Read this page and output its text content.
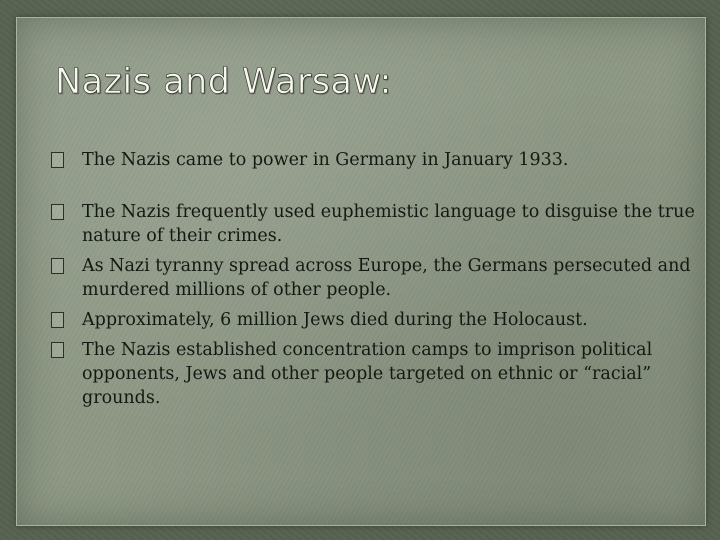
Nazis and Warsaw:
The Nazis came to power in Germany in January 1933.
The Nazis frequently used euphemistic language to disguise the true nature of their crimes.
As Nazi tyranny spread across Europe, the Germans persecuted and murdered millions of other people.
Approximately, 6 million Jews died during the Holocaust.
The Nazis established concentration camps to imprison political opponents, Jews and other people targeted on ethnic or “racial” grounds.
